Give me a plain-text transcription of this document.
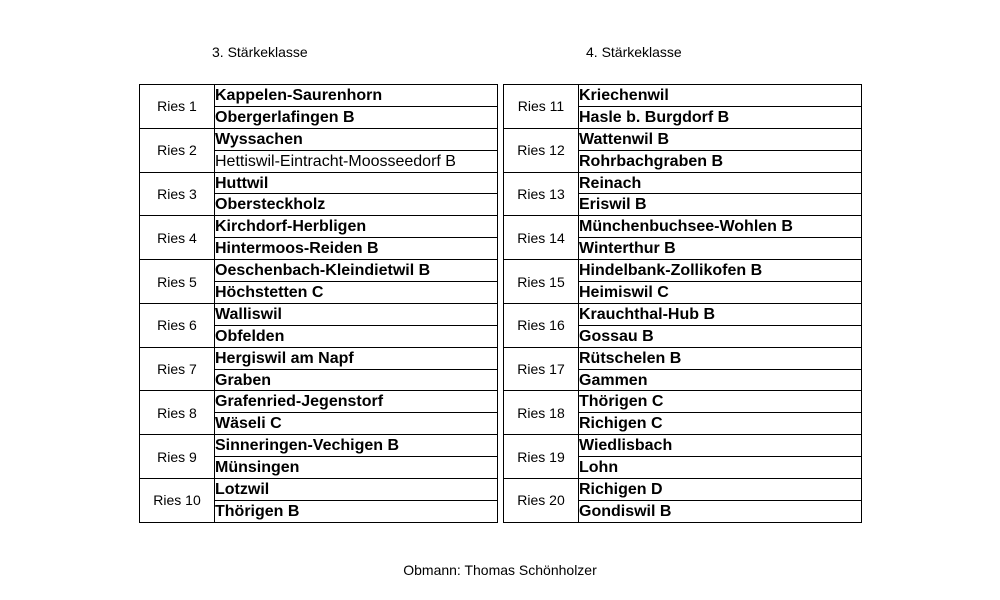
3. Stärkeklasse	4. Stärkeklasse
Ries 1	Kappelen-Saurenhorn
	Obergerlafingen B
Ries 2	Wyssachen
	Hettiswil-Eintracht-Moosseedorf B
Ries 3	Huttwil
	Obersteckholz
Ries 4	Kirchdorf-Herbligen
	Hintermoos-Reiden B
Ries 5	Oeschenbach-Kleindietwil B
	Höchstetten C
Ries 6	Walliswil
	Obfelden
Ries 7	Hergiswil am Napf
	Graben
Ries 8	Grafenried-Jegenstorf
	Wäseli C
Ries 9	Sinneringen-Vechigen B
	Münsingen
Ries 10	Lotzwil
	Thörigen B
Ries 11	Kriechenwil
	Hasle b. Burgdorf B
Ries 12	Wattenwil B
	Rohrbachgraben B
Ries 13	Reinach
	Eriswil B
Ries 14	Münchenbuchsee-Wohlen B
	Winterthur B
Ries 15	Hindelbank-Zollikofen B
	Heimiswil C
Ries 16	Krauchthal-Hub B
	Gossau B
Ries 17	Rütschelen B
	Gammen
Ries 18	Thörigen C
	Richigen C
Ries 19	Wiedlisbach
	Lohn
Ries 20	Richigen D
	Gondiswil B
Obmann: Thomas Schönholzer
